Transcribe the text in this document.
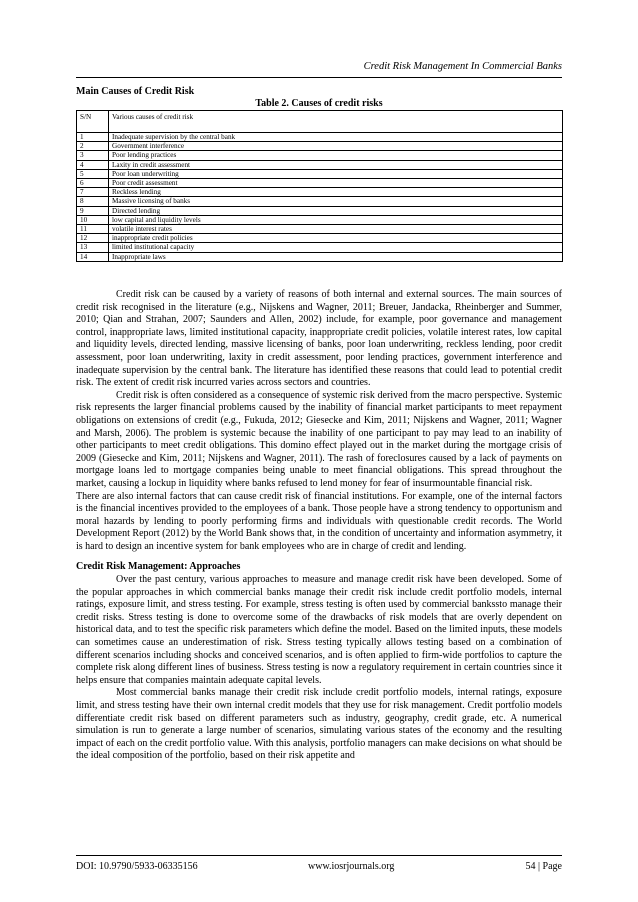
Credit Risk Management In Commercial Banks
Main Causes of Credit Risk
Table 2. Causes of credit risks
S/N	Various causes of credit risk
1	Inadequate supervision by the central bank
2	Government interference
3	Poor lending practices
4	Laxity in credit assessment
5	Poor loan underwriting
6	Poor credit assessment
7	Reckless lending
8	Massive licensing of banks
9	Directed lending
10	low capital and liquidity levels
11	volatile interest rates
12	inappropriate credit policies
13	limited institutional capacity
14	Inappropriate laws

Credit risk can be caused by a variety of reasons of both internal and external sources. The main sources of credit risk recognised in the literature (e.g., Nijskens and Wagner, 2011; Breuer, Jandacka, Rheinberger and Summer, 2010; Qian and Strahan, 2007; Saunders and Allen, 2002) include, for example, poor governance and management control, inappropriate laws, limited institutional capacity, inappropriate credit policies, volatile interest rates, low capital and liquidity levels, directed lending, massive licensing of banks, poor loan underwriting, reckless lending, poor credit assessment, poor loan underwriting, laxity in credit assessment, poor lending practices, government interference and inadequate supervision by the central bank. The literature has identified these reasons that could lead to potential credit risk. The extent of credit risk incurred varies across sectors and countries.

Credit risk is often considered as a consequence of systemic risk derived from the macro perspective. Systemic risk represents the larger financial problems caused by the inability of financial market participants to meet repayment obligations on extensions of credit (e.g., Fukuda, 2012; Giesecke and Kim, 2011; Nijskens and Wagner, 2011; Wagner and Marsh, 2006). The problem is systemic because the inability of one participant to pay may lead to an inability of other participants to meet credit obligations. This domino effect played out in the market during the mortgage crisis of 2009 (Giesecke and Kim, 2011; Nijskens and Wagner, 2011). The rash of foreclosures caused by a lack of payments on mortgage loans led to mortgage companies being unable to meet financial obligations. This spread throughout the market, causing a lockup in liquidity where banks refused to lend money for fear of insurmountable financial risk.

There are also internal factors that can cause credit risk of financial institutions. For example, one of the internal factors is the financial incentives provided to the employees of a bank. Those people have a strong tendency to opportunism and moral hazards by lending to poorly performing firms and individuals with questionable credit records. The World Development Report (2012) by the World Bank shows that, in the condition of uncertainty and information asymmetry, it is hard to design an incentive system for bank employees who are in charge of credit and lending.

Credit Risk Management: Approaches

Over the past century, various approaches to measure and manage credit risk have been developed. Some of the popular approaches in which commercial banks manage their credit risk include credit portfolio models, internal ratings, exposure limit, and stress testing. For example, stress testing is often used by commercial bankssto manage their credit risks. Stress testing is done to overcome some of the drawbacks of risk models that are overly dependent on historical data, and to test the specific risk parameters which define the model. Based on the limited inputs, these models can sometimes cause an underestimation of risk. Stress testing typically allows testing based on a combination of different scenarios including shocks and conceived scenarios, and is often applied to firm-wide portfolios to capture the complete risk along different lines of business. Stress testing is now a regulatory requirement in certain countries since it helps ensure that companies maintain adequate capital levels.

Most commercial banks manage their credit risk include credit portfolio models, internal ratings, exposure limit, and stress testing have their own internal credit models that they use for risk management. Credit portfolio models differentiate credit risk based on different parameters such as industry, geography, credit grade, etc. A numerical simulation is run to generate a large number of scenarios, simulating various states of the economy and the resulting impact of each on the credit portfolio value. With this analysis, portfolio managers can make decisions on what should be the ideal composition of the portfolio, based on their risk appetite and

DOI: 10.9790/5933-06335156	www.iosrjournals.org	54 | Page
